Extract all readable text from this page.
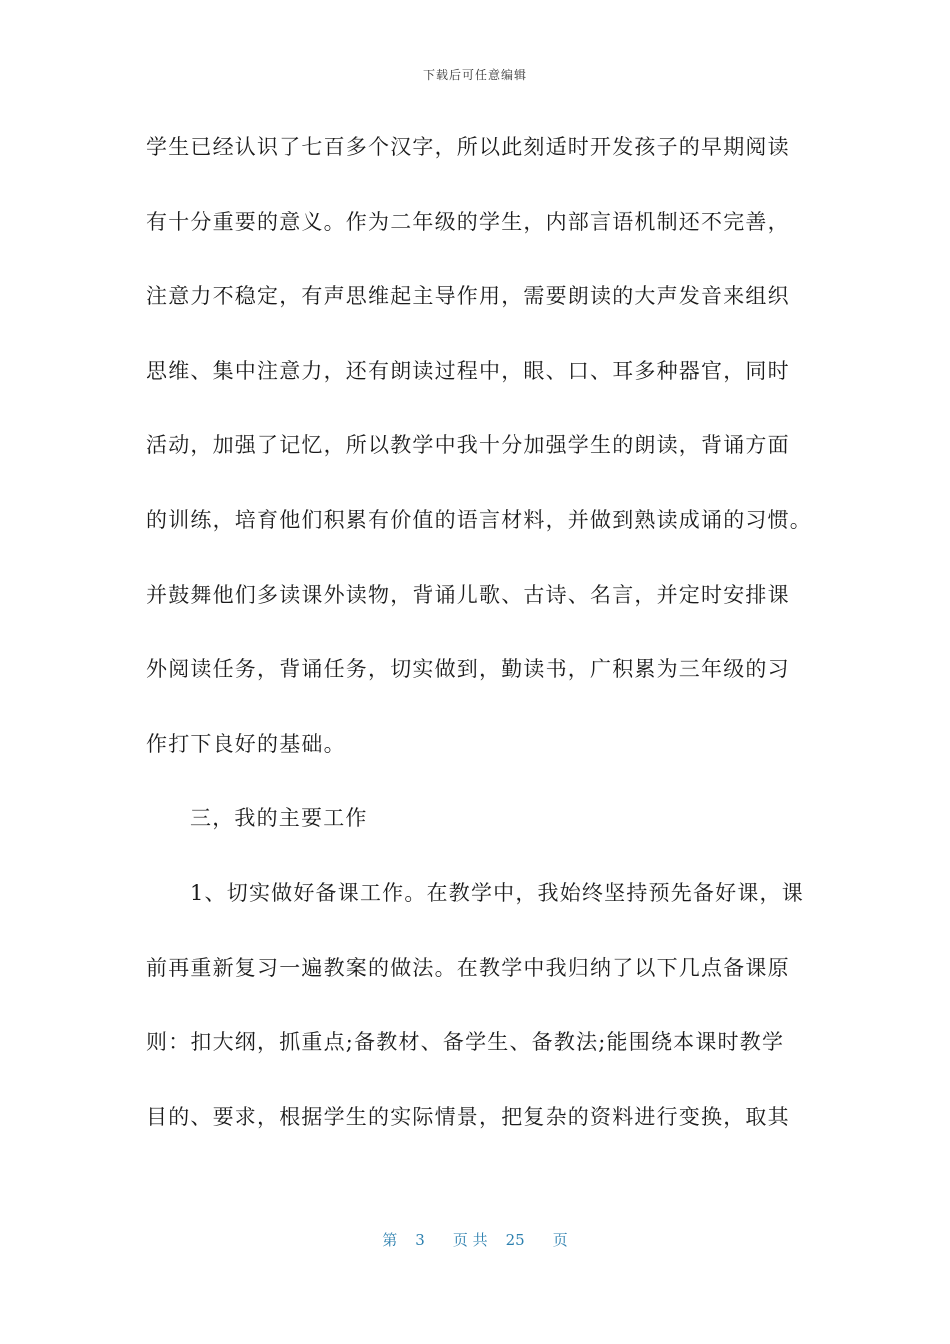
下载后可任意编辑
学生已经认识了七百多个汉字，所以此刻适时开发孩子的早期阅读
有十分重要的意义。作为二年级的学生，内部言语机制还不完善，
注意力不稳定，有声思维起主导作用，需要朗读的大声发音来组织
思维、集中注意力，还有朗读过程中，眼、口、耳多种器官，同时
活动，加强了记忆，所以教学中我十分加强学生的朗读，背诵方面
的训练，培育他们积累有价值的语言材料，并做到熟读成诵的习惯。
并鼓舞他们多读课外读物，背诵儿歌、古诗、名言，并定时安排课
外阅读任务，背诵任务，切实做到，勤读书，广积累为三年级的习
作打下良好的基础。
三，我的主要工作
1、切实做好备课工作。在教学中，我始终坚持预先备好课，课
前再重新复习一遍教案的做法。在教学中我归纳了以下几点备课原
则：扣大纲，抓重点;备教材、备学生、备教法;能围绕本课时教学
目的、要求，根据学生的实际情景，把复杂的资料进行变换，取其
第 3 页 共 25 页
